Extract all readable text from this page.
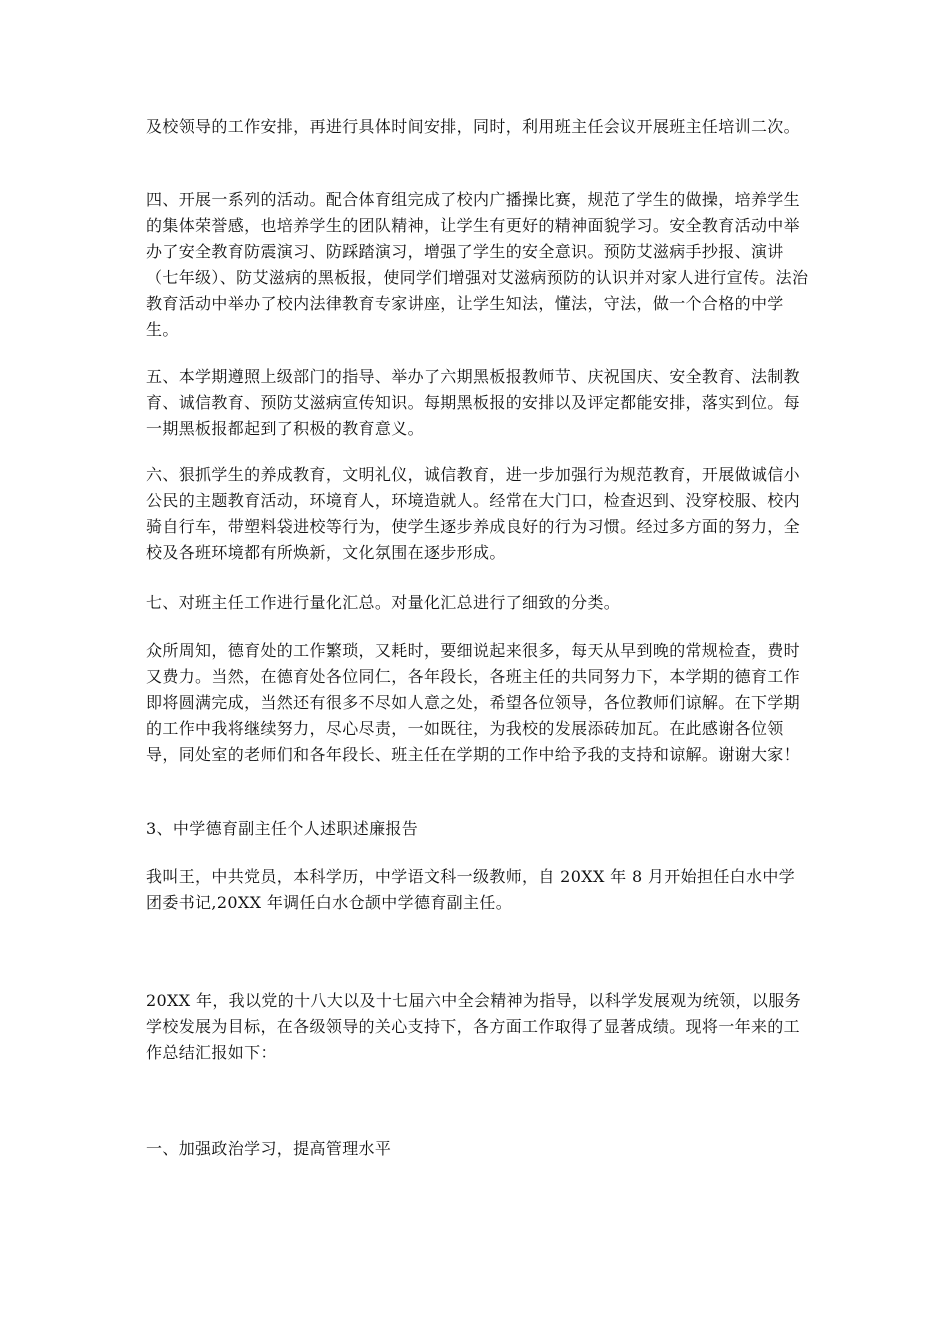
及校领导的工作安排，再进行具体时间安排，同时，利用班主任会议开展班主任培训二次。

四、开展一系列的活动。配合体育组完成了校内广播操比赛，规范了学生的做操，培养学生的集体荣誉感，也培养学生的团队精神，让学生有更好的精神面貌学习。安全教育活动中举办了安全教育防震演习、防踩踏演习，增强了学生的安全意识。预防艾滋病手抄报、演讲（七年级）、防艾滋病的黑板报，使同学们增强对艾滋病预防的认识并对家人进行宣传。法治教育活动中举办了校内法律教育专家讲座，让学生知法，懂法，守法，做一个合格的中学生。

五、本学期遵照上级部门的指导、举办了六期黑板报教师节、庆祝国庆、安全教育、法制教育、诚信教育、预防艾滋病宣传知识。每期黑板报的安排以及评定都能安排，落实到位。每一期黑板报都起到了积极的教育意义。

六、狠抓学生的养成教育，文明礼仪，诚信教育，进一步加强行为规范教育，开展做诚信小公民的主题教育活动，环境育人，环境造就人。经常在大门口，检查迟到、没穿校服、校内骑自行车，带塑料袋进校等行为，使学生逐步养成良好的行为习惯。经过多方面的努力，全校及各班环境都有所焕新，文化氛围在逐步形成。

七、对班主任工作进行量化汇总。对量化汇总进行了细致的分类。

众所周知，德育处的工作繁琐，又耗时，要细说起来很多，每天从早到晚的常规检查，费时又费力。当然，在德育处各位同仁，各年段长，各班主任的共同努力下，本学期的德育工作即将圆满完成，当然还有很多不尽如人意之处，希望各位领导，各位教师们谅解。在下学期的工作中我将继续努力，尽心尽责，一如既往，为我校的发展添砖加瓦。在此感谢各位领导，同处室的老师们和各年段长、班主任在学期的工作中给予我的支持和谅解。谢谢大家！

3、中学德育副主任个人述职述廉报告

我叫王，中共党员，本科学历，中学语文科一级教师，自 20XX 年 8 月开始担任白水中学团委书记,20XX 年调任白水仓颉中学德育副主任。

20XX 年，我以党的十八大以及十七届六中全会精神为指导，以科学发展观为统领，以服务学校发展为目标，在各级领导的关心支持下，各方面工作取得了显著成绩。现将一年来的工作总结汇报如下：

一、加强政治学习，提高管理水平
